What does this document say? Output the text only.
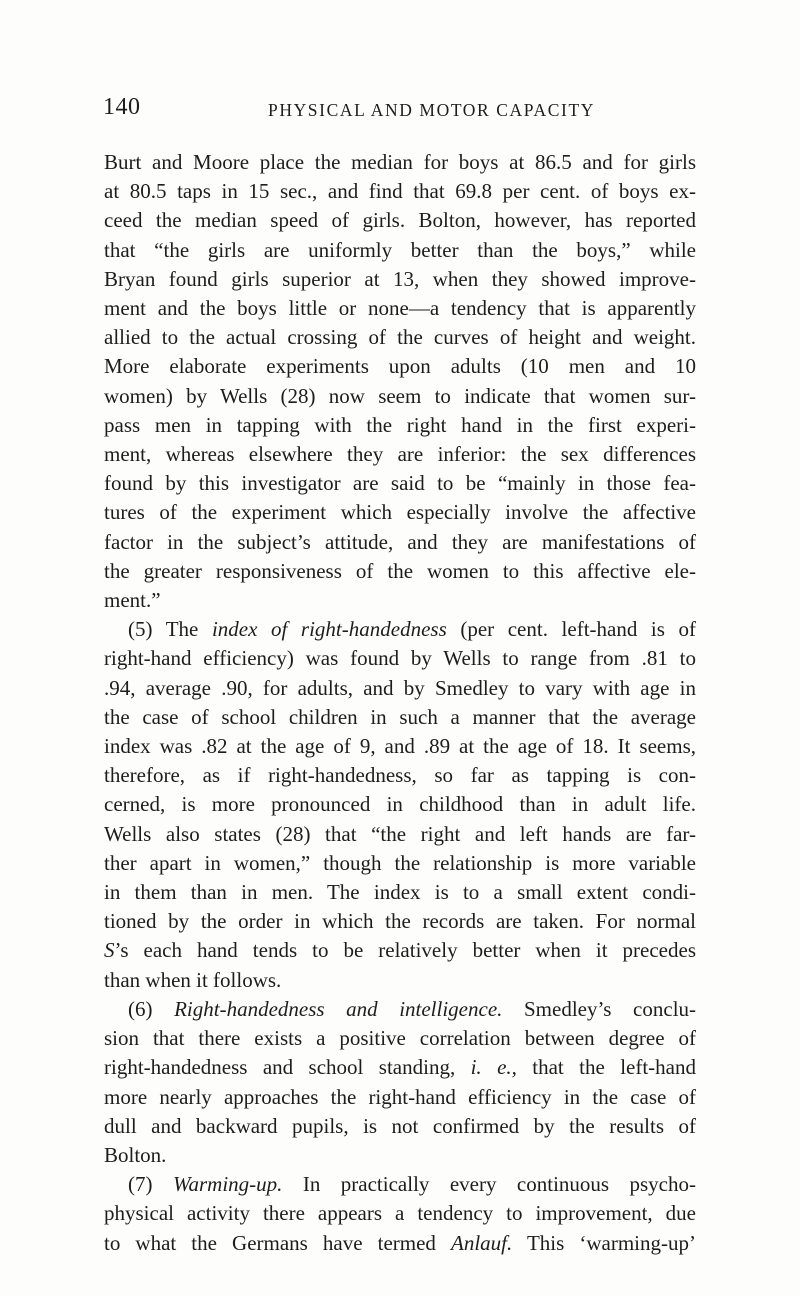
140	PHYSICAL AND MOTOR CAPACITY

Burt and Moore place the median for boys at 86.5 and for girls

at 80.5 taps in 15 sec., and find that 69.8 per cent. of boys ex-

ceed the median speed of girls. Bolton, however, has reported

that “the girls are uniformly better than the boys,” while

Bryan found girls superior at 13, when they showed improve-

ment and the boys little or none—a tendency that is apparently

allied to the actual crossing of the curves of height and weight.

More elaborate experiments upon adults (10 men and 10

women) by Wells (28) now seem to indicate that women sur-

pass men in tapping with the right hand in the first experi-

ment, whereas elsewhere they are inferior: the sex differences

found by this investigator are said to be “mainly in those fea-

tures of the experiment which especially involve the affective

factor in the subject’s attitude, and they are manifestations of

the greater responsiveness of the women to this affective ele-

ment.”

(5) The index of right-handedness (per cent. left-hand is of

right-hand efficiency) was found by Wells to range from .81 to

.94, average .90, for adults, and by Smedley to vary with age in

the case of school children in such a manner that the average

index was .82 at the age of 9, and .89 at the age of 18. It seems,

therefore, as if right-handedness, so far as tapping is con-

cerned, is more pronounced in childhood than in adult life.

Wells also states (28) that “the right and left hands are far-

ther apart in women,” though the relationship is more variable

in them than in men. The index is to a small extent condi-

tioned by the order in which the records are taken. For normal

S’s each hand tends to be relatively better when it precedes

than when it follows.

(6) Right-handedness and intelligence. Smedley’s conclu-

sion that there exists a positive correlation between degree of

right-handedness and school standing, i. e., that the left-hand

more nearly approaches the right-hand efficiency in the case of

dull and backward pupils, is not confirmed by the results of

Bolton.

(7) Warming-up. In practically every continuous psycho-

physical activity there appears a tendency to improvement, due

to what the Germans have termed Anlauf. This ‘warming-up’
